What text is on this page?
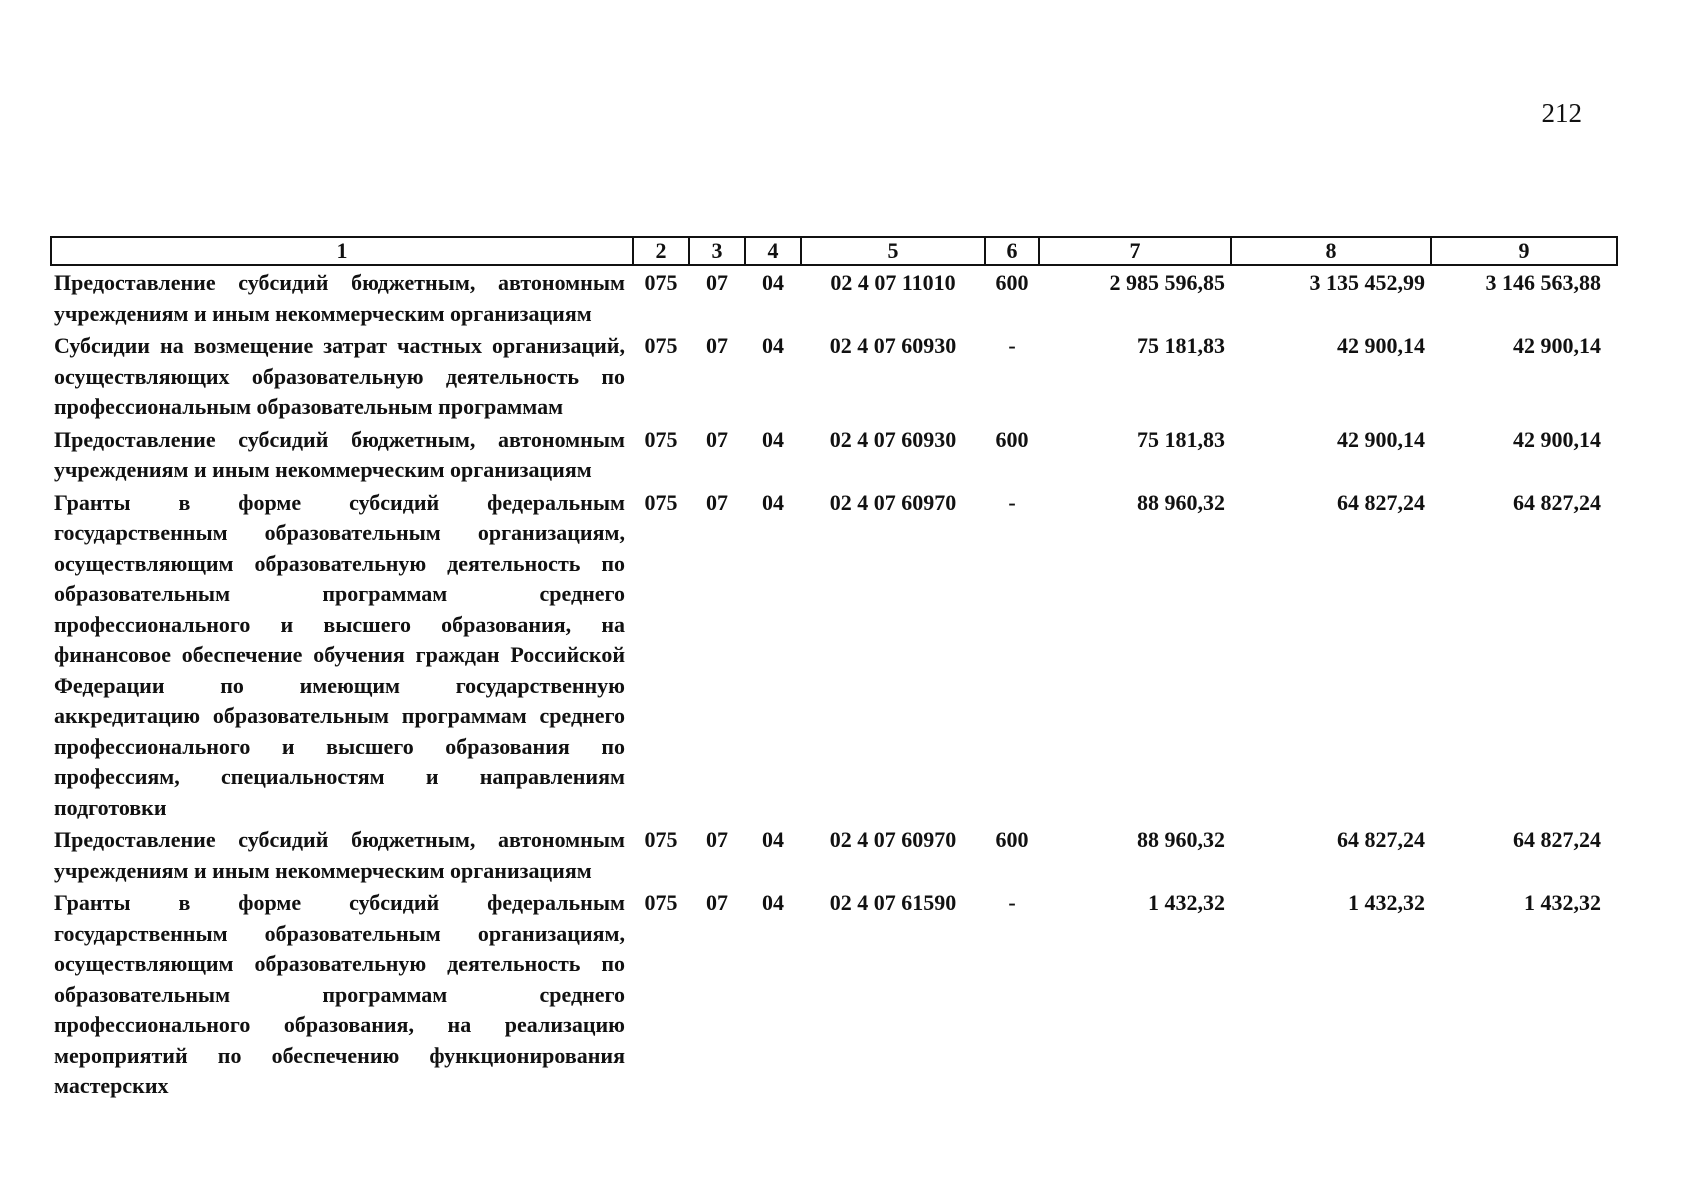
212
1	2	3	4	5	6	7	8	9
Предоставление субсидий бюджетным, автономным учреждениям и иным некоммерческим организациям	075	07	04	02 4 07 11010	600	2 985 596,85	3 135 452,99	3 146 563,88
Субсидии на возмещение затрат частных организаций, осуществляющих образовательную деятельность по профессиональным образовательным программам	075	07	04	02 4 07 60930	-	75 181,83	42 900,14	42 900,14
Предоставление субсидий бюджетным, автономным учреждениям и иным некоммерческим организациям	075	07	04	02 4 07 60930	600	75 181,83	42 900,14	42 900,14
Гранты в форме субсидий федеральным государственным образовательным организациям, осуществляющим образовательную деятельность по образовательным программам среднего профессионального и высшего образования, на финансовое обеспечение обучения граждан Российской Федерации по имеющим государственную аккредитацию образовательным программам среднего профессионального и высшего образования по профессиям, специальностям и направлениям подготовки	075	07	04	02 4 07 60970	-	88 960,32	64 827,24	64 827,24
Предоставление субсидий бюджетным, автономным учреждениям и иным некоммерческим организациям	075	07	04	02 4 07 60970	600	88 960,32	64 827,24	64 827,24
Гранты в форме субсидий федеральным государственным образовательным организациям, осуществляющим образовательную деятельность по образовательным программам среднего профессионального образования, на реализацию мероприятий по обеспечению функционирования мастерских	075	07	04	02 4 07 61590	-	1 432,32	1 432,32	1 432,32
